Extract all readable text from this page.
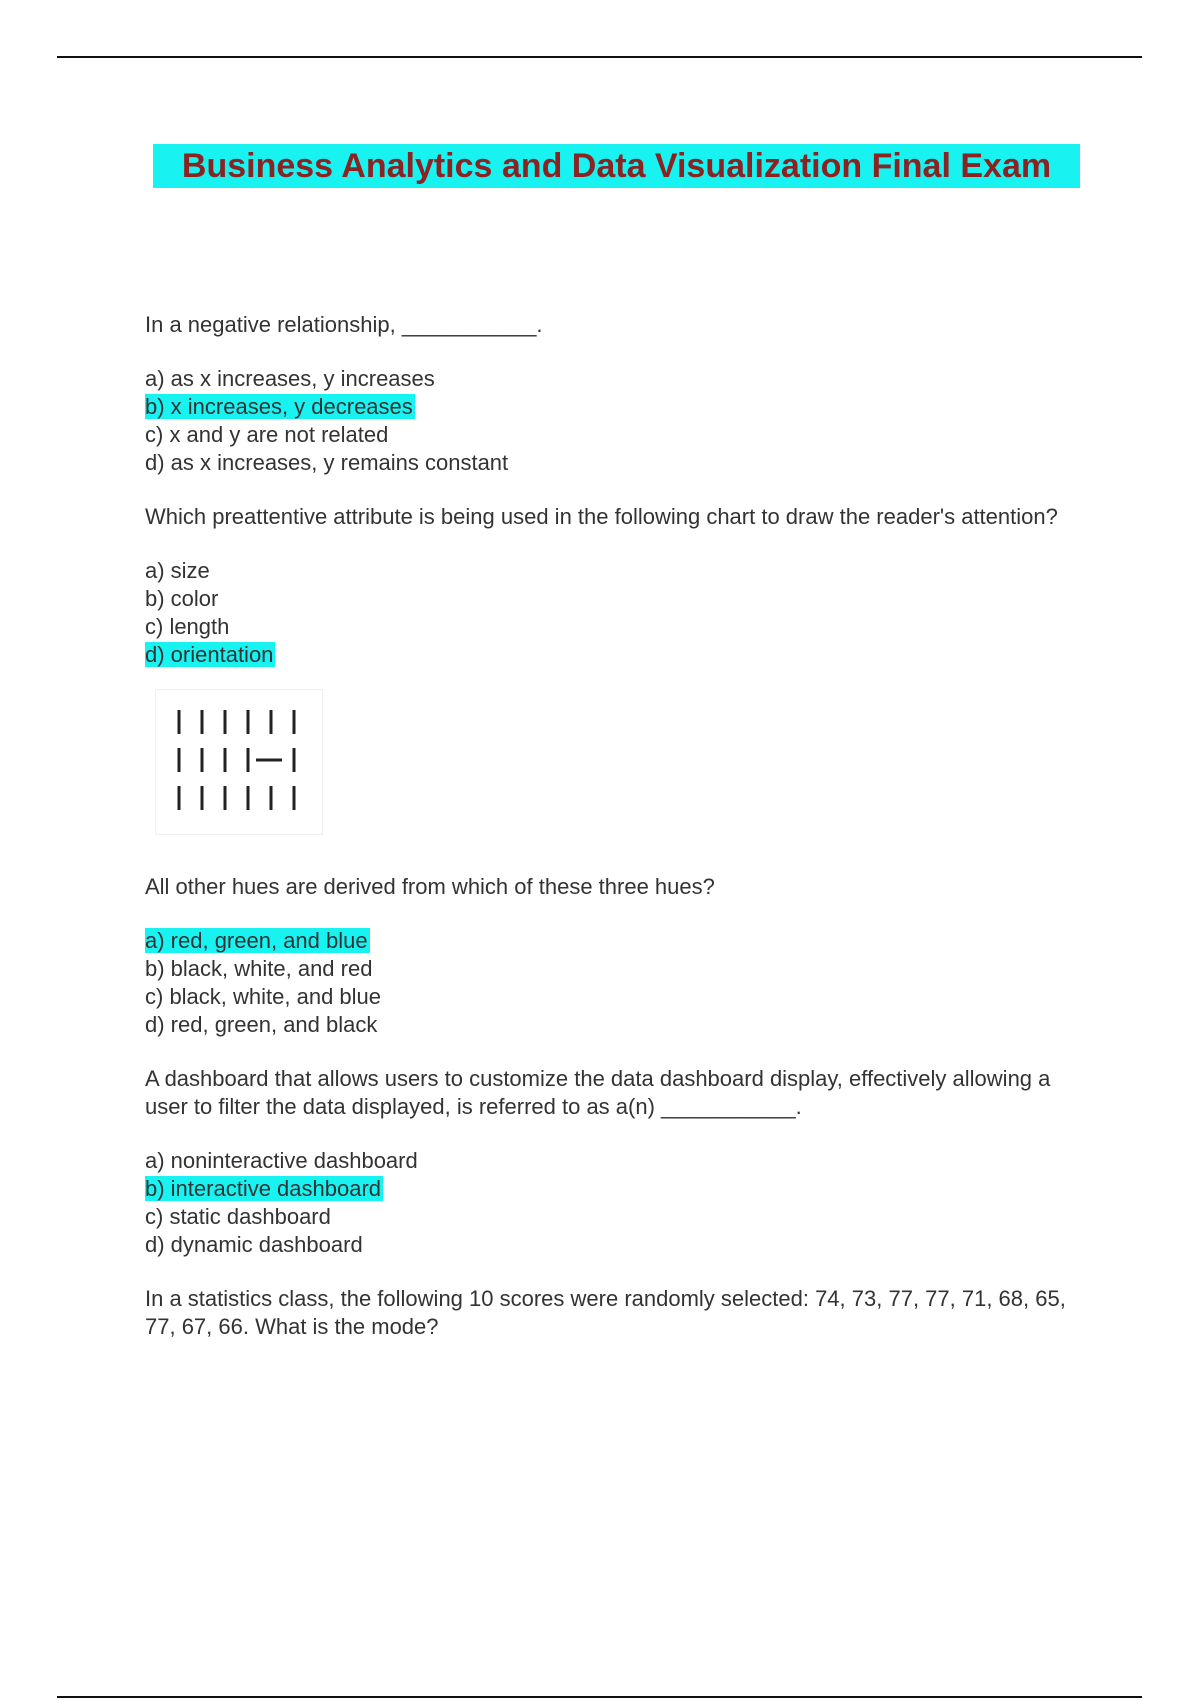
Business Analytics and Data Visualization Final Exam
In a negative relationship, ___________.
a) as x increases, y increases
b) x increases, y decreases
c) x and y are not related
d) as x increases, y remains constant
Which preattentive attribute is being used in the following chart to draw the reader's attention?
a) size
b) color
c) length
d) orientation
All other hues are derived from which of these three hues?
a) red, green, and blue
b) black, white, and red
c) black, white, and blue
d) red, green, and black
A dashboard that allows users to customize the data dashboard display, effectively allowing a user to filter the data displayed, is referred to as a(n) ___________.
a) noninteractive dashboard
b) interactive dashboard
c) static dashboard
d) dynamic dashboard
In a statistics class, the following 10 scores were randomly selected: 74, 73, 77, 77, 71, 68, 65, 77, 67, 66. What is the mode?
